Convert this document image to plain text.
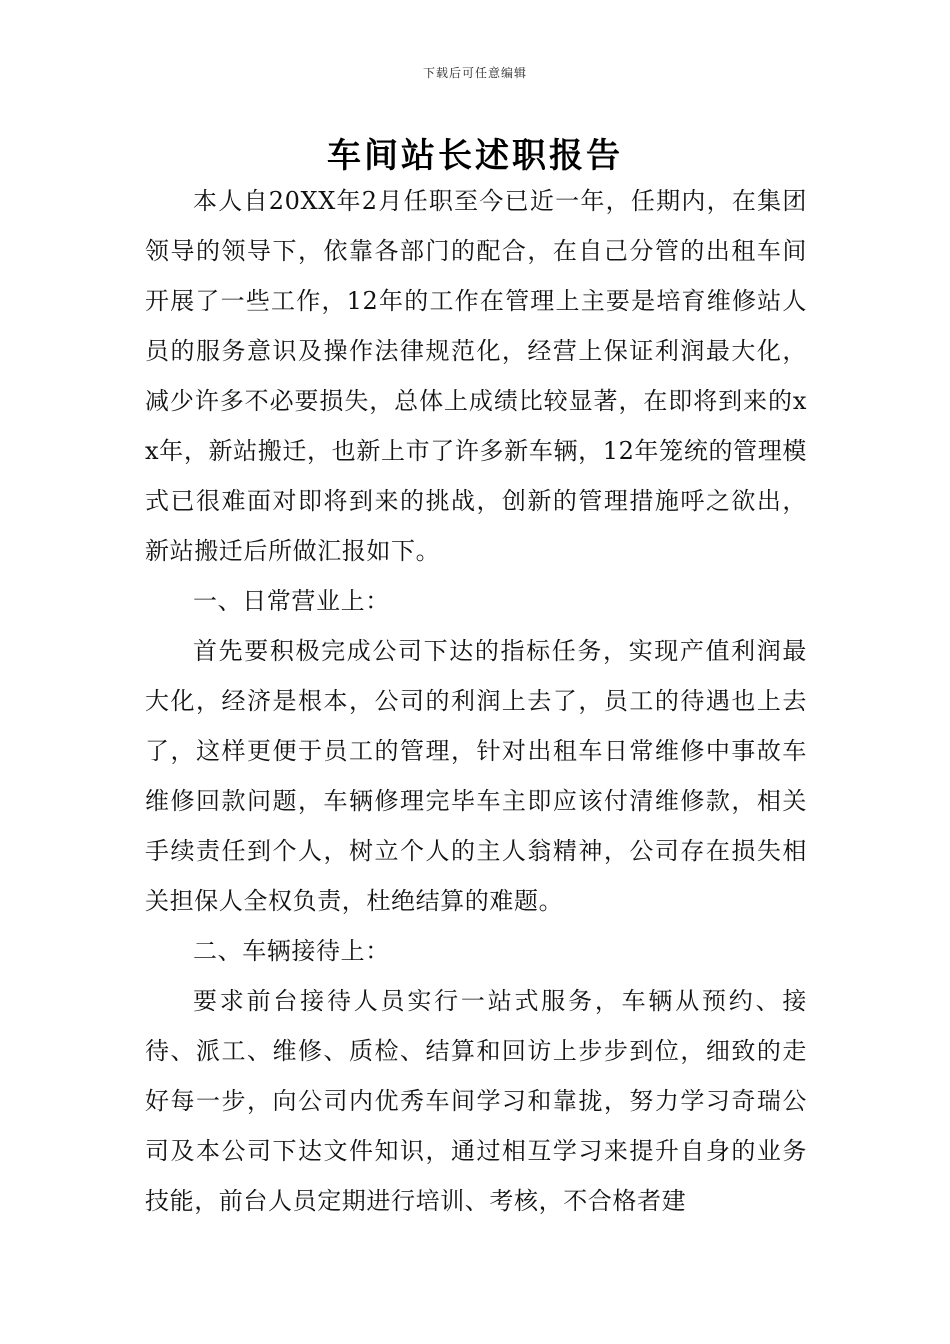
下载后可任意编辑
车间站长述职报告

本人自20XX年2月任职至今已近一年，任期内，在集团领导的领导下，依靠各部门的配合，在自己分管的出租车间开展了一些工作，12年的工作在管理上主要是培育维修站人员的服务意识及操作法律规范化，经营上保证利润最大化，减少许多不必要损失，总体上成绩比较显著，在即将到来的xx年，新站搬迁，也新上市了许多新车辆，12年笼统的管理模式已很难面对即将到来的挑战，创新的管理措施呼之欲出，新站搬迁后所做汇报如下。

一、日常营业上：

首先要积极完成公司下达的指标任务，实现产值利润最大化，经济是根本，公司的利润上去了，员工的待遇也上去了，这样更便于员工的管理，针对出租车日常维修中事故车维修回款问题，车辆修理完毕车主即应该付清维修款，相关手续责任到个人，树立个人的主人翁精神，公司存在损失相关担保人全权负责，杜绝结算的难题。

二、车辆接待上：

要求前台接待人员实行一站式服务，车辆从预约、接待、派工、维修、质检、结算和回访上步步到位，细致的走好每一步，向公司内优秀车间学习和靠拢，努力学习奇瑞公司及本公司下达文件知识，通过相互学习来提升自身的业务技能，前台人员定期进行培训、考核，不合格者建
